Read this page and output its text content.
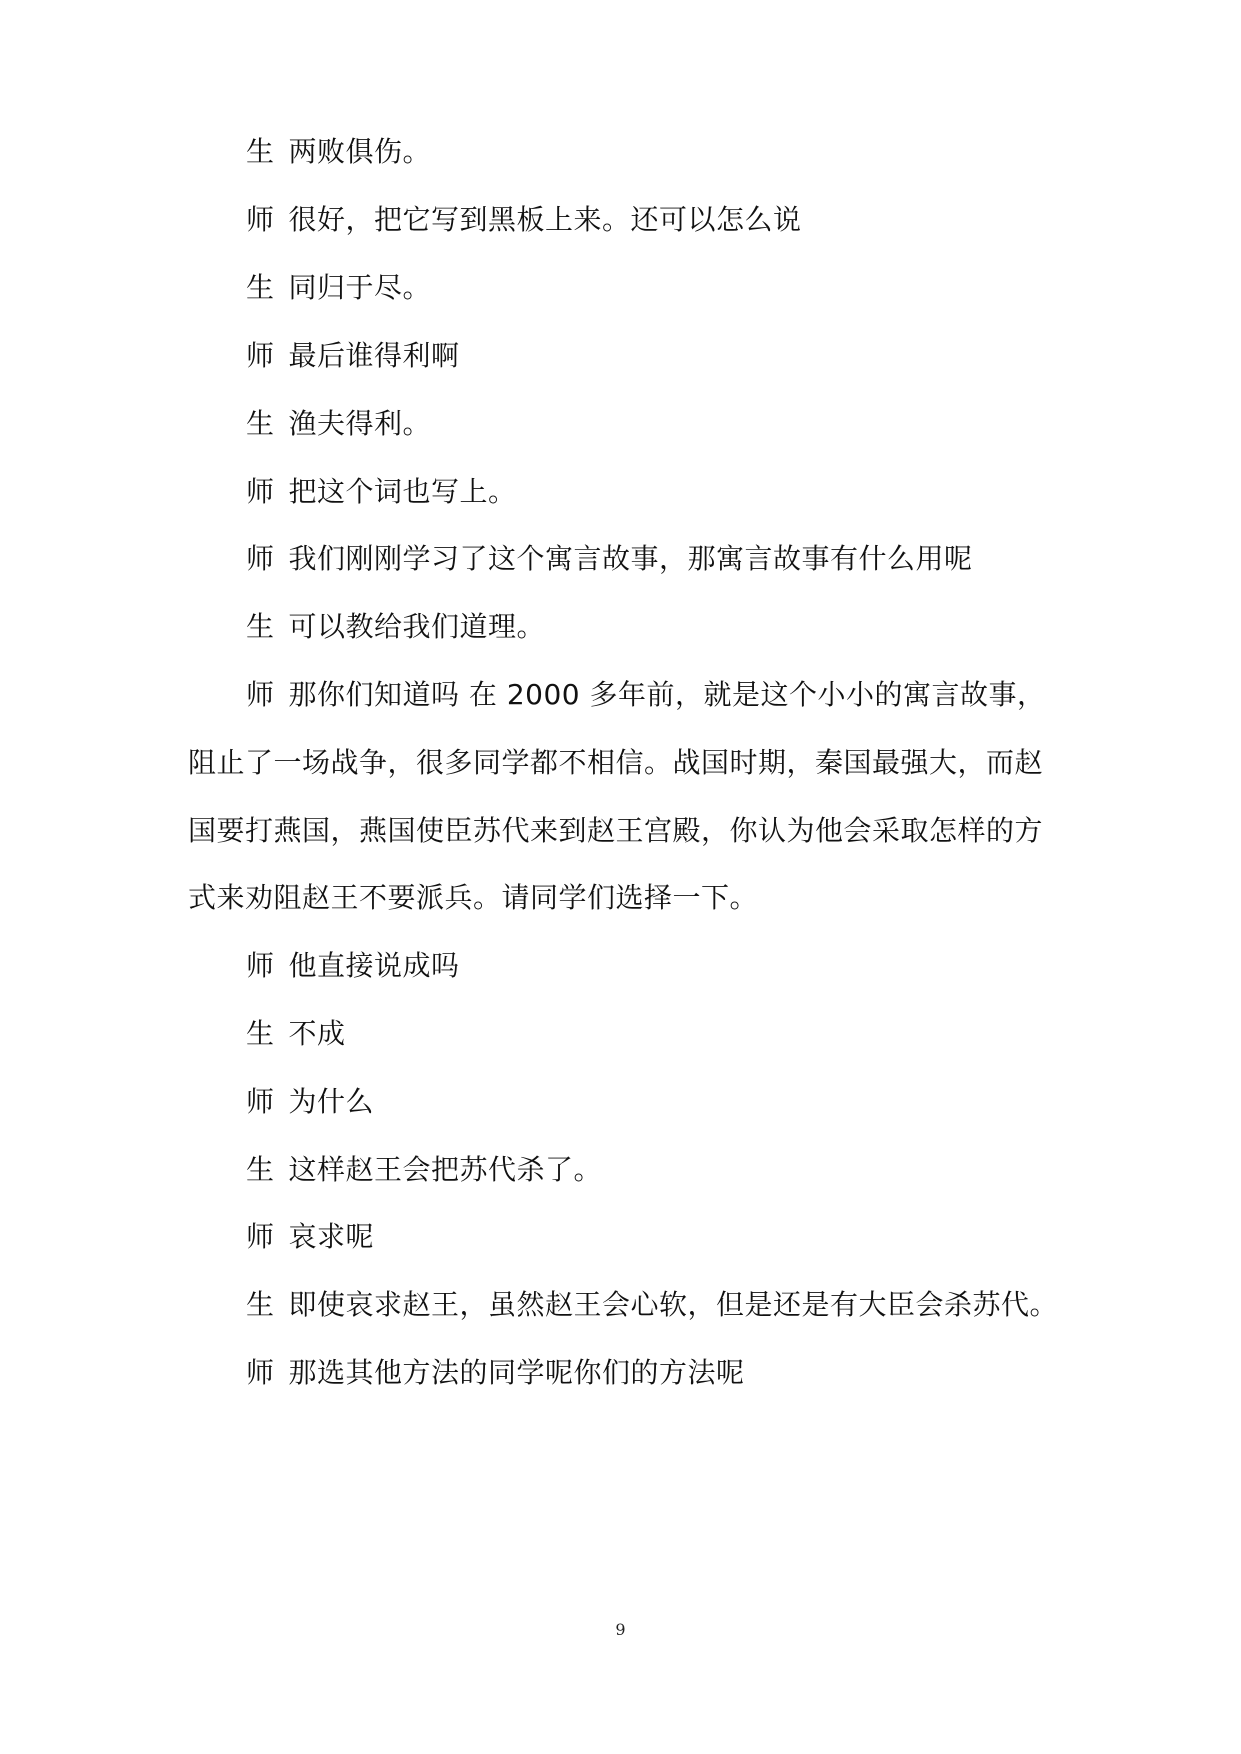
生 两败俱伤。
师 很好，把它写到黑板上来。还可以怎么说
生 同归于尽。
师 最后谁得利啊
生 渔夫得利。
师 把这个词也写上。
师 我们刚刚学习了这个寓言故事，那寓言故事有什么用呢
生 可以教给我们道理。
师 那你们知道吗 在 2000 多年前，就是这个小小的寓言故事，
阻止了一场战争，很多同学都不相信。战国时期，秦国最强大，而赵
国要打燕国，燕国使臣苏代来到赵王宫殿，你认为他会采取怎样的方
式来劝阻赵王不要派兵。请同学们选择一下。
师 他直接说成吗
生 不成
师 为什么
生 这样赵王会把苏代杀了。
师 哀求呢
生 即使哀求赵王，虽然赵王会心软，但是还是有大臣会杀苏代。
师 那选其他方法的同学呢你们的方法呢
9
